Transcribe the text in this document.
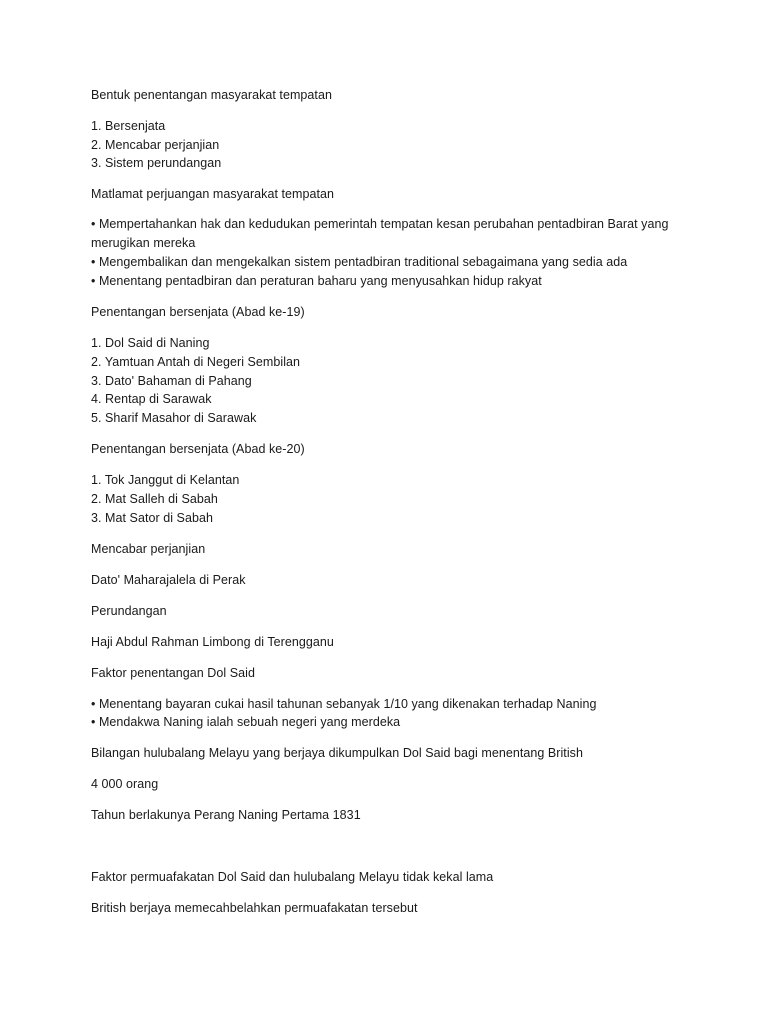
Bentuk penentangan masyarakat tempatan
1. Bersenjata
2. Mencabar perjanjian
3. Sistem perundangan
Matlamat perjuangan masyarakat tempatan
• Mempertahankan hak dan kedudukan pemerintah tempatan kesan perubahan pentadbiran Barat yang merugikan mereka
• Mengembalikan dan mengekalkan sistem pentadbiran traditional sebagaimana yang sedia ada
• Menentang pentadbiran dan peraturan baharu yang menyusahkan hidup rakyat
Penentangan bersenjata (Abad ke-19)
1. Dol Said di Naning
2. Yamtuan Antah di Negeri Sembilan
3. Dato' Bahaman di Pahang
4. Rentap di Sarawak
5. Sharif Masahor di Sarawak
Penentangan bersenjata (Abad ke-20)
1. Tok Janggut di Kelantan
2. Mat Salleh di Sabah
3. Mat Sator di Sabah
Mencabar perjanjian
Dato' Maharajalela di Perak
Perundangan
Haji Abdul Rahman Limbong di Terengganu
Faktor penentangan Dol Said
• Menentang bayaran cukai hasil tahunan sebanyak 1/10 yang dikenakan terhadap Naning
• Mendakwa Naning ialah sebuah negeri yang merdeka
Bilangan hulubalang Melayu yang berjaya dikumpulkan Dol Said bagi menentang British
4 000 orang
Tahun berlakunya Perang Naning Pertama 1831
Faktor permuafakatan Dol Said dan hulubalang Melayu tidak kekal lama
British berjaya memecahbelahkan permuafakatan tersebut
